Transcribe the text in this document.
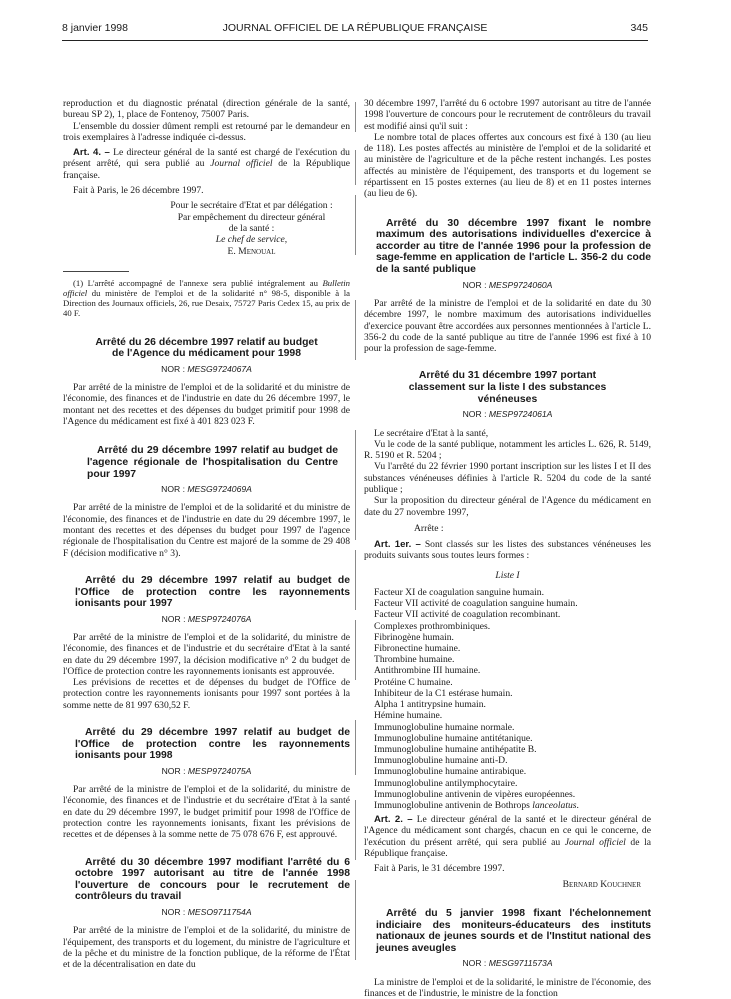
8 janvier 1998	JOURNAL OFFICIEL DE LA RÉPUBLIQUE FRANÇAISE	345

reproduction et du diagnostic prénatal (direction générale de la santé, bureau SP 2), 1, place de Fontenoy, 75007 Paris.

L'ensemble du dossier dûment rempli est retourné par le demandeur en trois exemplaires à l'adresse indiquée ci-dessus.

Art. 4. – Le directeur général de la santé est chargé de l'exécution du présent arrêté, qui sera publié au Journal officiel de la République française.

Fait à Paris, le 26 décembre 1997.

Pour le secrétaire d'Etat et par délégation :
Par empêchement du directeur général
de la santé :
Le chef de service,
E. Menoual

(1) L'arrêté accompagné de l'annexe sera publié intégralement au Bulletin officiel du ministère de l'emploi et de la solidarité n° 98-5, disponible à la Direction des Journaux officiels, 26, rue Desaix, 75727 Paris Cedex 15, au prix de 40 F.

Arrêté du 26 décembre 1997 relatif au budget de l'Agence du médicament pour 1998

NOR : MESG9724067A

Par arrêté de la ministre de l'emploi et de la solidarité et du ministre de l'économie, des finances et de l'industrie en date du 26 décembre 1997, le montant net des recettes et des dépenses du budget primitif pour 1998 de l'Agence du médicament est fixé à 401 823 023 F.

Arrêté du 29 décembre 1997 relatif au budget de l'agence régionale de l'hospitalisation du Centre pour 1997

NOR : MESG9724069A

Par arrêté de la ministre de l'emploi et de la solidarité et du ministre de l'économie, des finances et de l'industrie en date du 29 décembre 1997, le montant des recettes et des dépenses du budget pour 1997 de l'agence régionale de l'hospitalisation du Centre est majoré de la somme de 29 408 F (décision modificative n° 3).

Arrêté du 29 décembre 1997 relatif au budget de l'Office de protection contre les rayonnements ionisants pour 1997

NOR : MESP9724076A

Par arrêté de la ministre de l'emploi et de la solidarité, du ministre de l'économie, des finances et de l'industrie et du secrétaire d'Etat à la santé en date du 29 décembre 1997, la décision modificative n° 2 du budget de l'Office de protection contre les rayonnements ionisants est approuvée.

Les prévisions de recettes et de dépenses du budget de l'Office de protection contre les rayonnements ionisants pour 1997 sont portées à la somme nette de 81 997 630,52 F.

Arrêté du 29 décembre 1997 relatif au budget de l'Office de protection contre les rayonnements ionisants pour 1998

NOR : MESP9724075A

Par arrêté de la ministre de l'emploi et de la solidarité, du ministre de l'économie, des finances et de l'industrie et du secrétaire d'Etat à la santé en date du 29 décembre 1997, le budget primitif pour 1998 de l'Office de protection contre les rayonnements ionisants, fixant les prévisions de recettes et de dépenses à la somme nette de 75 078 676 F, est approuvé.

Arrêté du 30 décembre 1997 modifiant l'arrêté du 6 octobre 1997 autorisant au titre de l'année 1998 l'ouverture de concours pour le recrutement de contrôleurs du travail

NOR : MESO9711754A

Par arrêté de la ministre de l'emploi et de la solidarité, du ministre de l'équipement, des transports et du logement, du ministre de l'agriculture et de la pêche et du ministre de la fonction publique, de la réforme de l'État et de la décentralisation en date du

30 décembre 1997, l'arrêté du 6 octobre 1997 autorisant au titre de l'année 1998 l'ouverture de concours pour le recrutement de contrôleurs du travail est modifié ainsi qu'il suit :

Le nombre total de places offertes aux concours est fixé à 130 (au lieu de 118). Les postes affectés au ministère de l'emploi et de la solidarité et au ministère de l'agriculture et de la pêche restent inchangés. Les postes affectés au ministère de l'équipement, des transports et du logement se répartissent en 15 postes externes (au lieu de 8) et en 11 postes internes (au lieu de 6).

Arrêté du 30 décembre 1997 fixant le nombre maximum des autorisations individuelles d'exercice à accorder au titre de l'année 1996 pour la profession de sage-femme en application de l'article L. 356-2 du code de la santé publique

NOR : MESP9724060A

Par arrêté de la ministre de l'emploi et de la solidarité en date du 30 décembre 1997, le nombre maximum des autorisations individuelles d'exercice pouvant être accordées aux personnes mentionnées à l'article L. 356-2 du code de la santé publique au titre de l'année 1996 est fixé à 10 pour la profession de sage-femme.

Arrêté du 31 décembre 1997 portant classement sur la liste I des substances vénéneuses

NOR : MESP9724061A

Le secrétaire d'Etat à la santé,

Vu le code de la santé publique, notamment les articles L. 626, R. 5149, R. 5190 et R. 5204 ;

Vu l'arrêté du 22 février 1990 portant inscription sur les listes I et II des substances vénéneuses définies à l'article R. 5204 du code de la santé publique ;

Sur la proposition du directeur général de l'Agence du médicament en date du 27 novembre 1997,

Arrête :

Art. 1er. – Sont classés sur les listes des substances vénéneuses les produits suivants sous toutes leurs formes :

Liste I
Facteur XI de coagulation sanguine humain.
Facteur VII activité de coagulation sanguine humain.
Facteur VII activité de coagulation recombinant.
Complexes prothrombiniques.
Fibrinogène humain.
Fibronectine humaine.
Thrombine humaine.
Antithrombine III humaine.
Protéine C humaine.
Inhibiteur de la C1 estérase humain.
Alpha 1 antitrypsine humain.
Hémine humaine.
Immunoglobuline humaine normale.
Immunoglobuline humaine antitétanique.
Immunoglobuline humaine antihépatite B.
Immunoglobuline humaine anti-D.
Immunoglobuline humaine antirabique.
Immunoglobuline antilymphocytaire.
Immunoglobuline antivenin de vipères européennes.
Immunoglobuline antivenin de Bothrops lanceolatus.

Art. 2. – Le directeur général de la santé et le directeur général de l'Agence du médicament sont chargés, chacun en ce qui le concerne, de l'exécution du présent arrêté, qui sera publié au Journal officiel de la République française.

Fait à Paris, le 31 décembre 1997.

Bernard Kouchner

Arrêté du 5 janvier 1998 fixant l'échelonnement indiciaire des moniteurs-éducateurs des instituts nationaux de jeunes sourds et de l'Institut national des jeunes aveugles

NOR : MESG9711573A

La ministre de l'emploi et de la solidarité, le ministre de l'économie, des finances et de l'industrie, le ministre de la fonction
